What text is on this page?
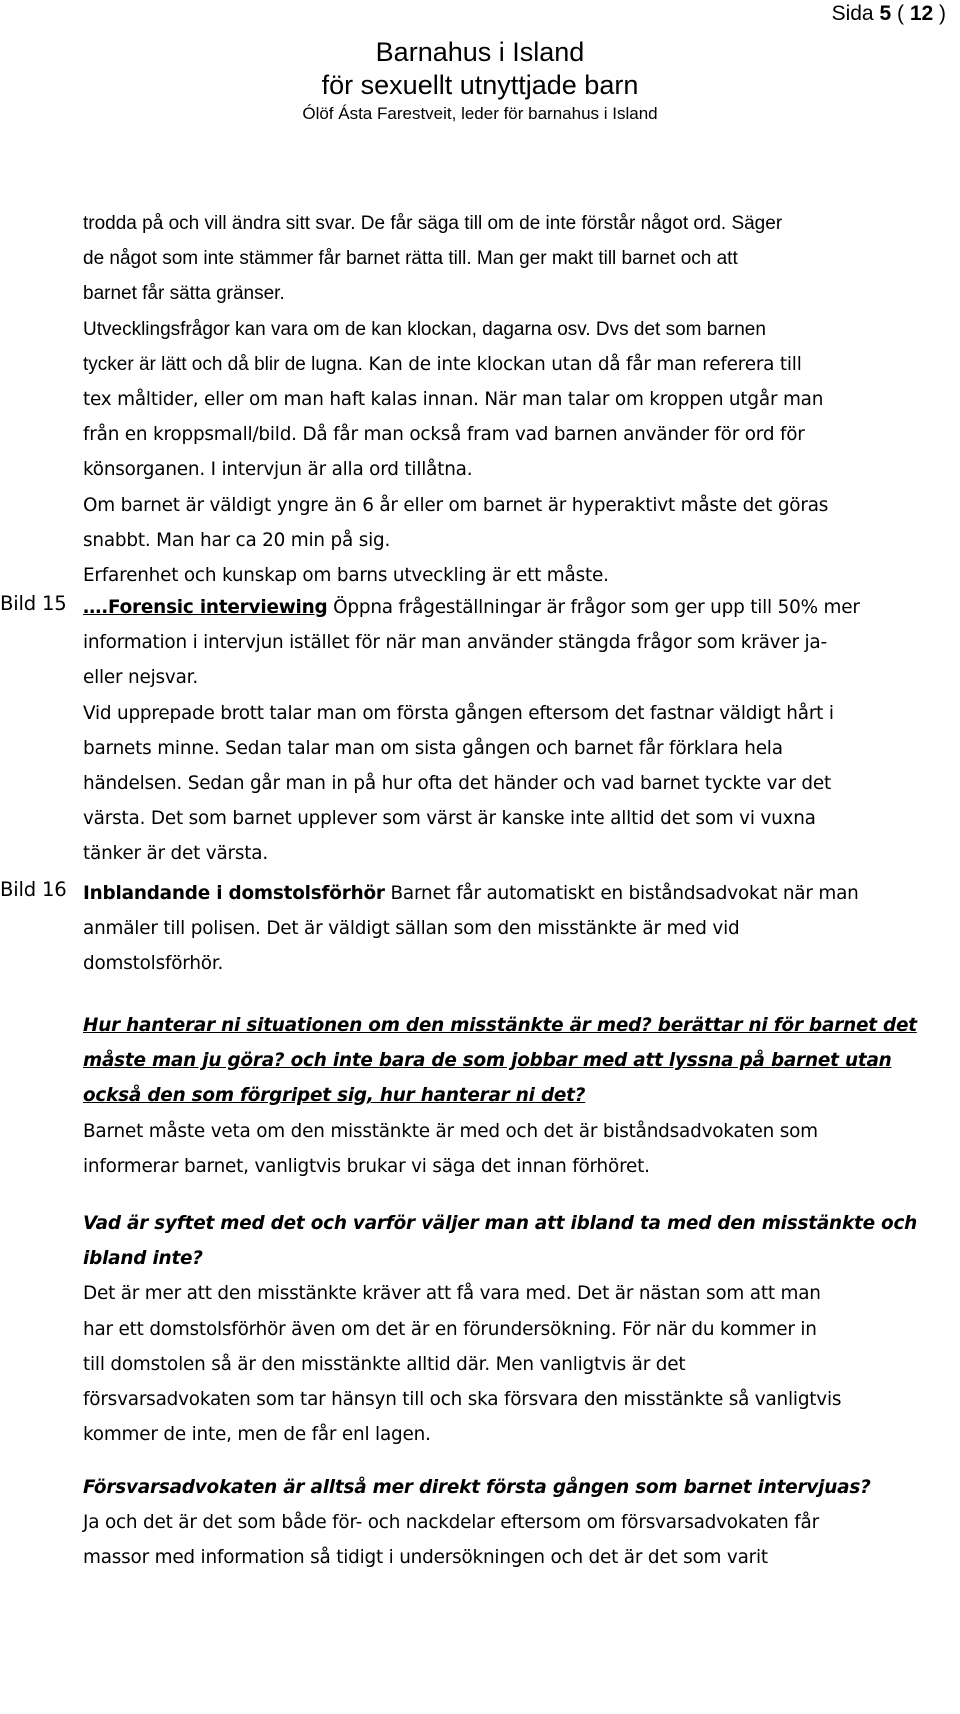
Sida 5 ( 12 )
Barnahus i Island
för sexuellt utnyttjade barn
Ólöf Ásta Farestveit, leder för barnahus i Island

trodda på och vill ändra sitt svar. De får säga till om de inte förstår något ord. Säger

de något som inte stämmer får barnet rätta till. Man ger makt till barnet och att

barnet får sätta gränser.

Utvecklingsfrågor kan vara om de kan klockan, dagarna osv. Dvs det som barnen

tycker är lätt och då blir de lugna. Kan de inte klockan utan då får man referera till

tex måltider, eller om man haft kalas innan. När man talar om kroppen utgår man

från en kroppsmall/bild. Då får man också fram vad barnen använder för ord för

könsorganen. I intervjun är alla ord tillåtna.

Om barnet är väldigt yngre än 6 år eller om barnet är hyperaktivt måste det göras

snabbt. Man har ca 20 min på sig.

Erfarenhet och kunskap om barns utveckling är ett måste.

Bild 15 ….Forensic interviewing Öppna frågeställningar är frågor som ger upp till 50% mer

information i intervjun istället för när man använder stängda frågor som kräver ja-

eller nejsvar.

Vid upprepade brott talar man om första gången eftersom det fastnar väldigt hårt i

barnets minne. Sedan talar man om sista gången och barnet får förklara hela

händelsen. Sedan går man in på hur ofta det händer och vad barnet tyckte var det

värsta. Det som barnet upplever som värst är kanske inte alltid det som vi vuxna

tänker är det värsta.

Bild 16 Inblandande i domstolsförhör Barnet får automatiskt en biståndsadvokat när man

anmäler till polisen. Det är väldigt sällan som den misstänkte är med vid

domstolsförhör.

Hur hanterar ni situationen om den misstänkte är med? berättar ni för barnet det

måste man ju göra? och inte bara de som jobbar med att lyssna på barnet utan

också den som förgripet sig, hur hanterar ni det?

Barnet måste veta om den misstänkte är med och det är biståndsadvokaten som

informerar barnet, vanligtvis brukar vi säga det innan förhöret.

Vad är syftet med det och varför väljer man att ibland ta med den misstänkte och

ibland inte?

Det är mer att den misstänkte kräver att få vara med. Det är nästan som att man

har ett domstolsförhör även om det är en förundersökning. För när du kommer in

till domstolen så är den misstänkte alltid där. Men vanligtvis är det

försvarsadvokaten som tar hänsyn till och ska försvara den misstänkte så vanligtvis

kommer de inte, men de får enl lagen.

Försvarsadvokaten är alltså mer direkt första gången som barnet intervjuas?

Ja och det är det som både för- och nackdelar eftersom om försvarsadvokaten får

massor med information så tidigt i undersökningen och det är det som varit
